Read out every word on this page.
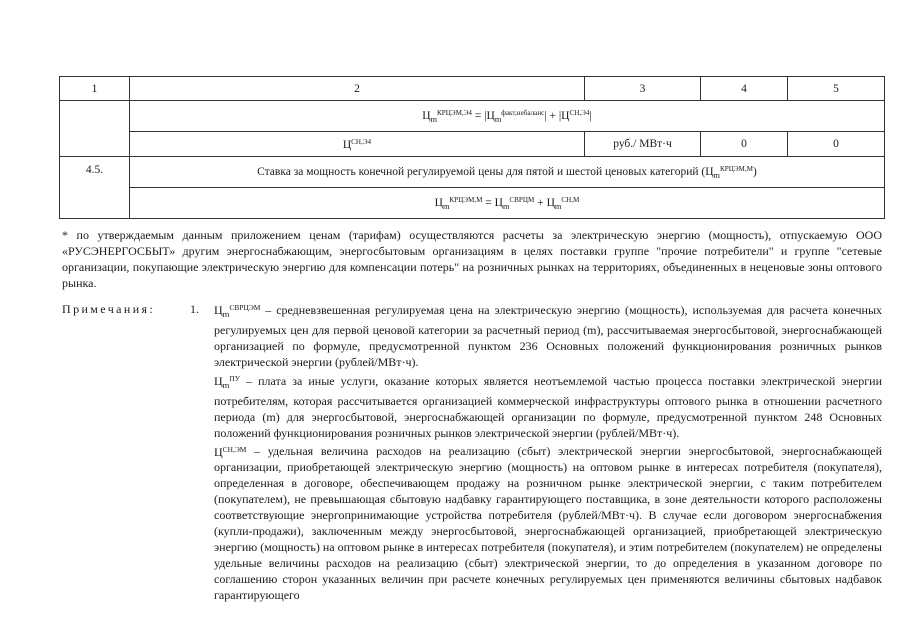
1	2	3	4	5
	$Ц_m^{КРЦЭМ,Э4} = |Ц_m^{факт,небаланс}| + |Ц^{СН,Э4}|$			
	$Ц^{СН,Э4}$	руб./ МВт·ч	0	0
4.5.	Ставка за мощность конечной регулируемой цены для пятой и шестой ценовых категорий $(Ц_m^{КРЦЭМ,М})$			
	$Ц_m^{КРЦЭМ,М} = Ц_m^{СВРЦМ} + Ц_m^{СН,М}$
* по утверждаемым данным приложением ценам (тарифам) осуществляются расчеты за электрическую энергию (мощность), отпускаемую ООО «РУСЭНЕРГОСБЫТ» другим энергоснабжающим, энергосбытовым организациям в целях поставки группе "прочие потребители" и группе "сетевые организации, покупающие электрическую энергию для компенсации потерь" на розничных рынках на территориях, объединенных в неценовые зоны оптового рынка.
Примечания:	1. $Ц_m^{СВРЦЭМ}$ – средневзвешенная регулируемая цена на электрическую энергию (мощность), используемая для расчета конечных регулируемых цен для первой ценовой категории за расчетный период (m), рассчитываемая энергосбытовой, энергоснабжающей организацией по формуле, предусмотренной пунктом 236 Основных положений функционирования розничных рынков электрической энергии (рублей/МВт·ч).

$Ц_m^{ПУ}$ – плата за иные услуги, оказание которых является неотъемлемой частью процесса поставки электрической энергии потребителям, которая рассчитывается организацией коммерческой инфраструктуры оптового рынка в отношении расчетного периода (m) для энергосбытовой, энергоснабжающей организации по формуле, предусмотренной пунктом 248 Основных положений функционирования розничных рынков электрической энергии (рублей/МВт·ч).

$Ц^{СН,ЭМ}$ – удельная величина расходов на реализацию (сбыт) электрической энергии энергосбытовой, энергоснабжающей организации, приобретающей электрическую энергию (мощность) на оптовом рынке в интересах потребителя (покупателя), определенная в договоре, обеспечивающем продажу на розничном рынке электрической энергии, с таким потребителем (покупателем), не превышающая сбытовую надбавку гарантирующего поставщика, в зоне деятельности которого расположены соответствующие энергопринимающие устройства потребителя (рублей/МВт·ч). В случае если договором энергоснабжения (купли-продажи), заключенным между энергосбытовой, энергоснабжающей организацией, приобретающей электрическую энергию (мощность) на оптовом рынке в интересах потребителя (покупателя), и этим потребителем (покупателем) не определены удельные величины расходов на реализацию (сбыт) электрической энергии, то до определения в указанном договоре по соглашению сторон указанных величин при расчете конечных регулируемых цен применяются величины сбытовых надбавок гарантирующего
